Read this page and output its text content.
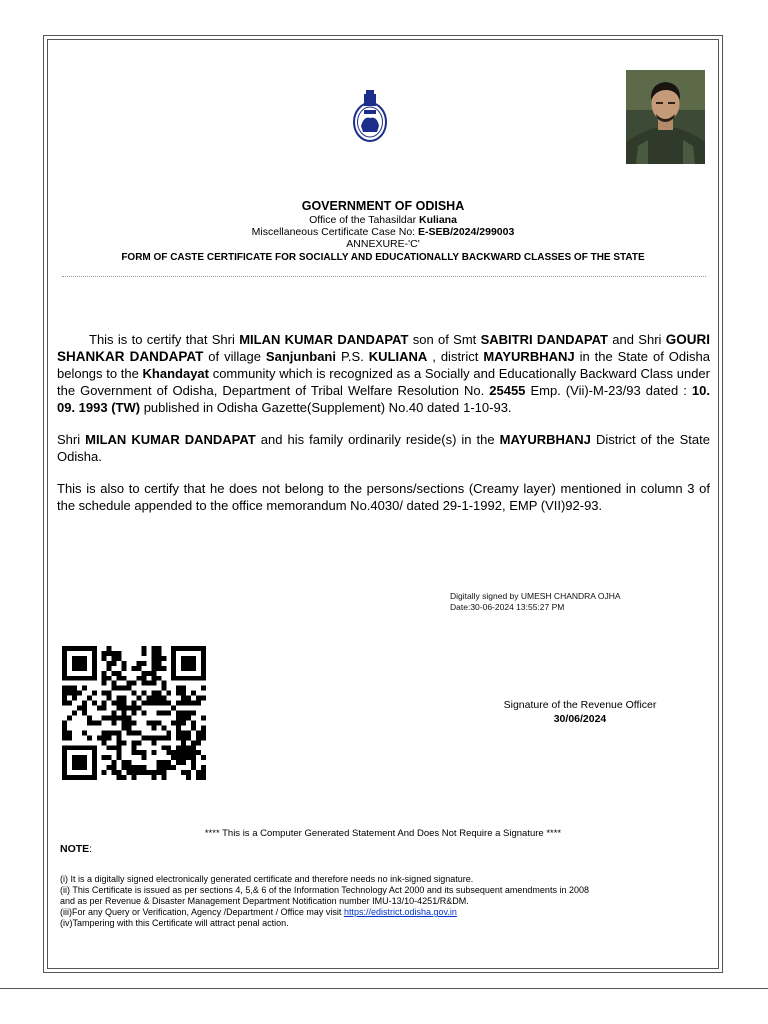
GOVERNMENT OF ODISHA
Office of the Tahasildar Kuliana
Miscellaneous Certificate Case No: E-SEB/2024/299003
ANNEXURE-'C'
FORM OF CASTE CERTIFICATE FOR SOCIALLY AND EDUCATIONALLY BACKWARD CLASSES OF THE STATE

This is to certify that Shri MILAN KUMAR DANDAPAT son of Smt SABITRI DANDAPAT and Shri GOURI SHANKAR DANDAPAT of village Sanjunbani P.S. KULIANA , district MAYURBHANJ in the State of Odisha belongs to the Khandayat community which is recognized as a Socially and Educationally Backward Class under the Government of Odisha, Department of Tribal Welfare Resolution No. 25455 Emp. (Vii)-M-23/93 dated : 10. 09. 1993 (TW) published in Odisha Gazette(Supplement) No.40 dated 1-10-93.

Shri MILAN KUMAR DANDAPAT and his family ordinarily reside(s) in the MAYURBHANJ District of the State Odisha.

This is also to certify that he does not belong to the persons/sections (Creamy layer) mentioned in column 3 of the schedule appended to the office memorandum No.4030/ dated 29-1-1992, EMP (VII)92-93.

Digitally signed by UMESH CHANDRA OJHA
Date:30-06-2024 13:55:27 PM
Signature of the Revenue Officer
30/06/2024
**** This is a Computer Generated Statement And Does Not Require a Signature ****
NOTE:
(i) It is a digitally signed electronically generated certificate and therefore needs no ink-signed signature.
(ii) This Certificate is issued as per sections 4, 5,& 6 of the Information Technology Act 2000 and its subsequent amendments in 2008
and as per Revenue & Disaster Management Department Notification number IMU-13/10-4251/R&DM.
(iii)For any Query or Verification, Agency /Department / Office may visit https://edistrict.odisha.gov.in
(iv)Tampering with this Certificate will attract penal action.
